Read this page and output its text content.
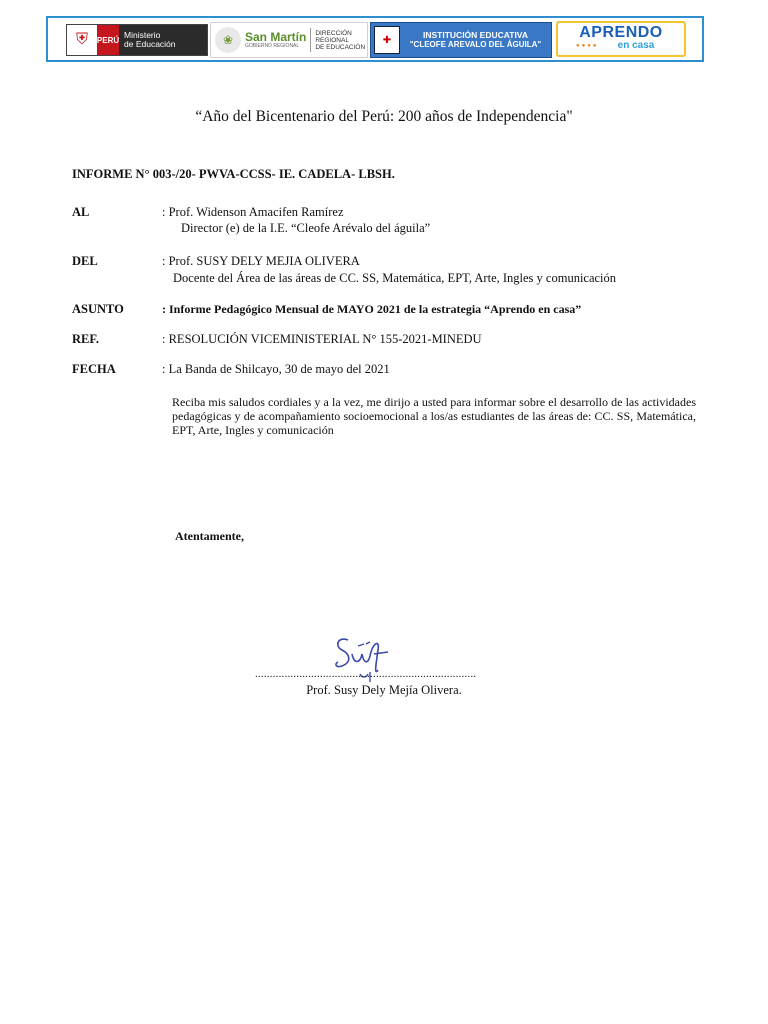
⛨	PERÚ Ministerio
de Educación	❀ San Martín
GOBIERNO REGIONAL
DIRECCIÓN
REGIONAL
DE EDUCACIÓN
✚	INSTITUCIÓN EDUCATIVA
"CLEOFE AREVALO DEL ÁGUILA"
APRENDO
en casa
●●●●
“Año del Bicentenario del Perú: 200 años de Independencia"
INFORME N° 003-/20- PWVA-CCSS- IE. CADELA- LBSH.
AL	: Prof. Widenson Amacifen Ramírez
Director (e) de la I.E. “Cleofe Arévalo del águila”
DEL	: Prof. SUSY DELY MEJIA OLIVERA
Docente del Área de las áreas de CC. SS, Matemática, EPT, Arte, Ingles y comunicación
ASUNTO	: Informe Pedagógico Mensual de MAYO 2021 de la estrategia “Aprendo en casa”
REF.	: RESOLUCIÓN VICEMINISTERIAL N° 155-2021-MINEDU
FECHA	: La Banda de Shilcayo, 30 de mayo del 2021
Reciba mis saludos cordiales y a la vez, me dirijo a usted para informar sobre el desarrollo de las actividades pedagógicas y de acompañamiento socioemocional a los/as estudiantes de las áreas de: CC. SS, Matemática, EPT, Arte, Ingles y comunicación
Atentamente,
...........................................................................
Prof. Susy Dely Mejía Olivera.
